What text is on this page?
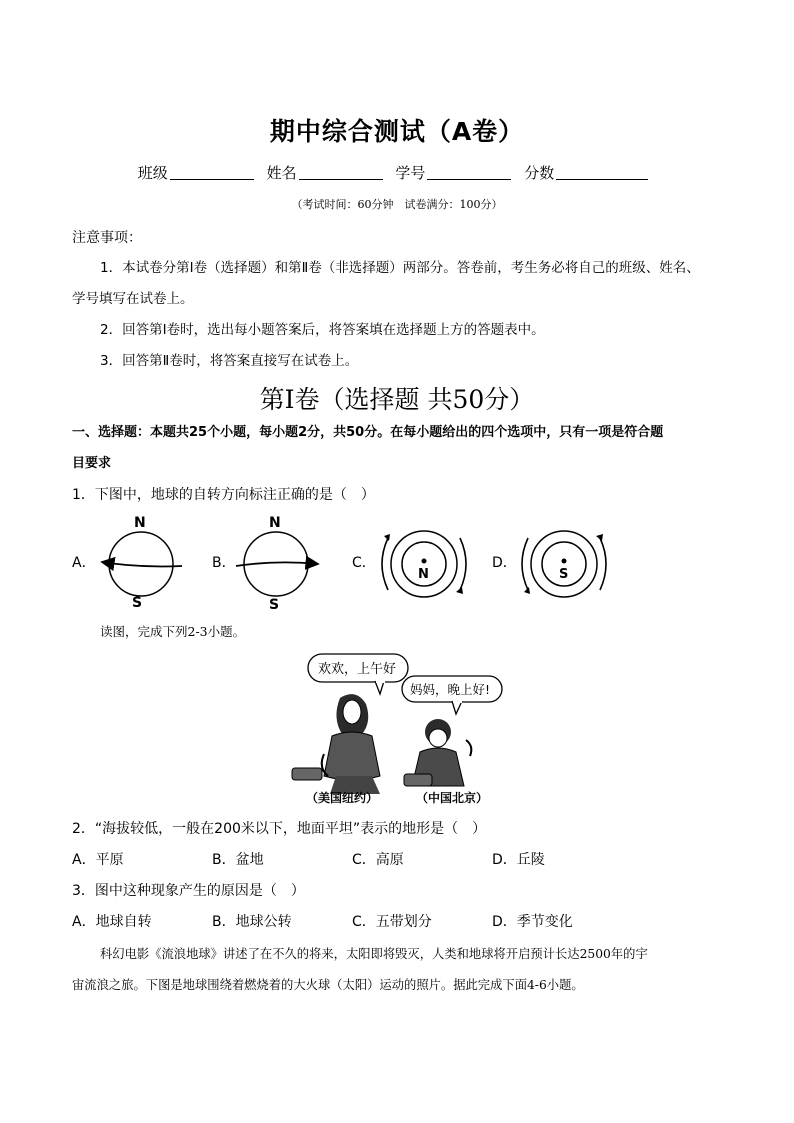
期中综合测试（A卷）
班级	姓名	学号	分数
（考试时间：60分钟　试卷满分：100分）
注意事项：
1．本试卷分第Ⅰ卷（选择题）和第Ⅱ卷（非选择题）两部分。答卷前，考生务必将自己的班级、姓名、
学号填写在试卷上。
2．回答第Ⅰ卷时，选出每小题答案后，将答案填在选择题上方的答题表中。
3．回答第Ⅱ卷时，将答案直接写在试卷上。
第Ⅰ卷（选择题 共50分）
一、选择题：本题共25个小题，每小题2分，共50分。在每小题给出的四个选项中，只有一项是符合题
目要求
1．下图中，地球的自转方向标注正确的是（　）
A．	B．	C．	D．
N
S
N
S
N	S
读图，完成下列2-3小题。
欢欢，上午好
妈妈，晚上好!
（美国纽约）	（中国北京）
2．“海拔较低，一般在200米以下，地面平坦”表示的地形是（　）
A．平原	B．盆地	C．高原	D．丘陵
3．图中这种现象产生的原因是（　）
A．地球自转	B．地球公转	C．五带划分	D．季节变化
科幻电影《流浪地球》讲述了在不久的将来，太阳即将毁灭，人类和地球将开启预计长达2500年的宇
宙流浪之旅。下图是地球围绕着燃烧着的大火球（太阳）运动的照片。据此完成下面4-6小题。
